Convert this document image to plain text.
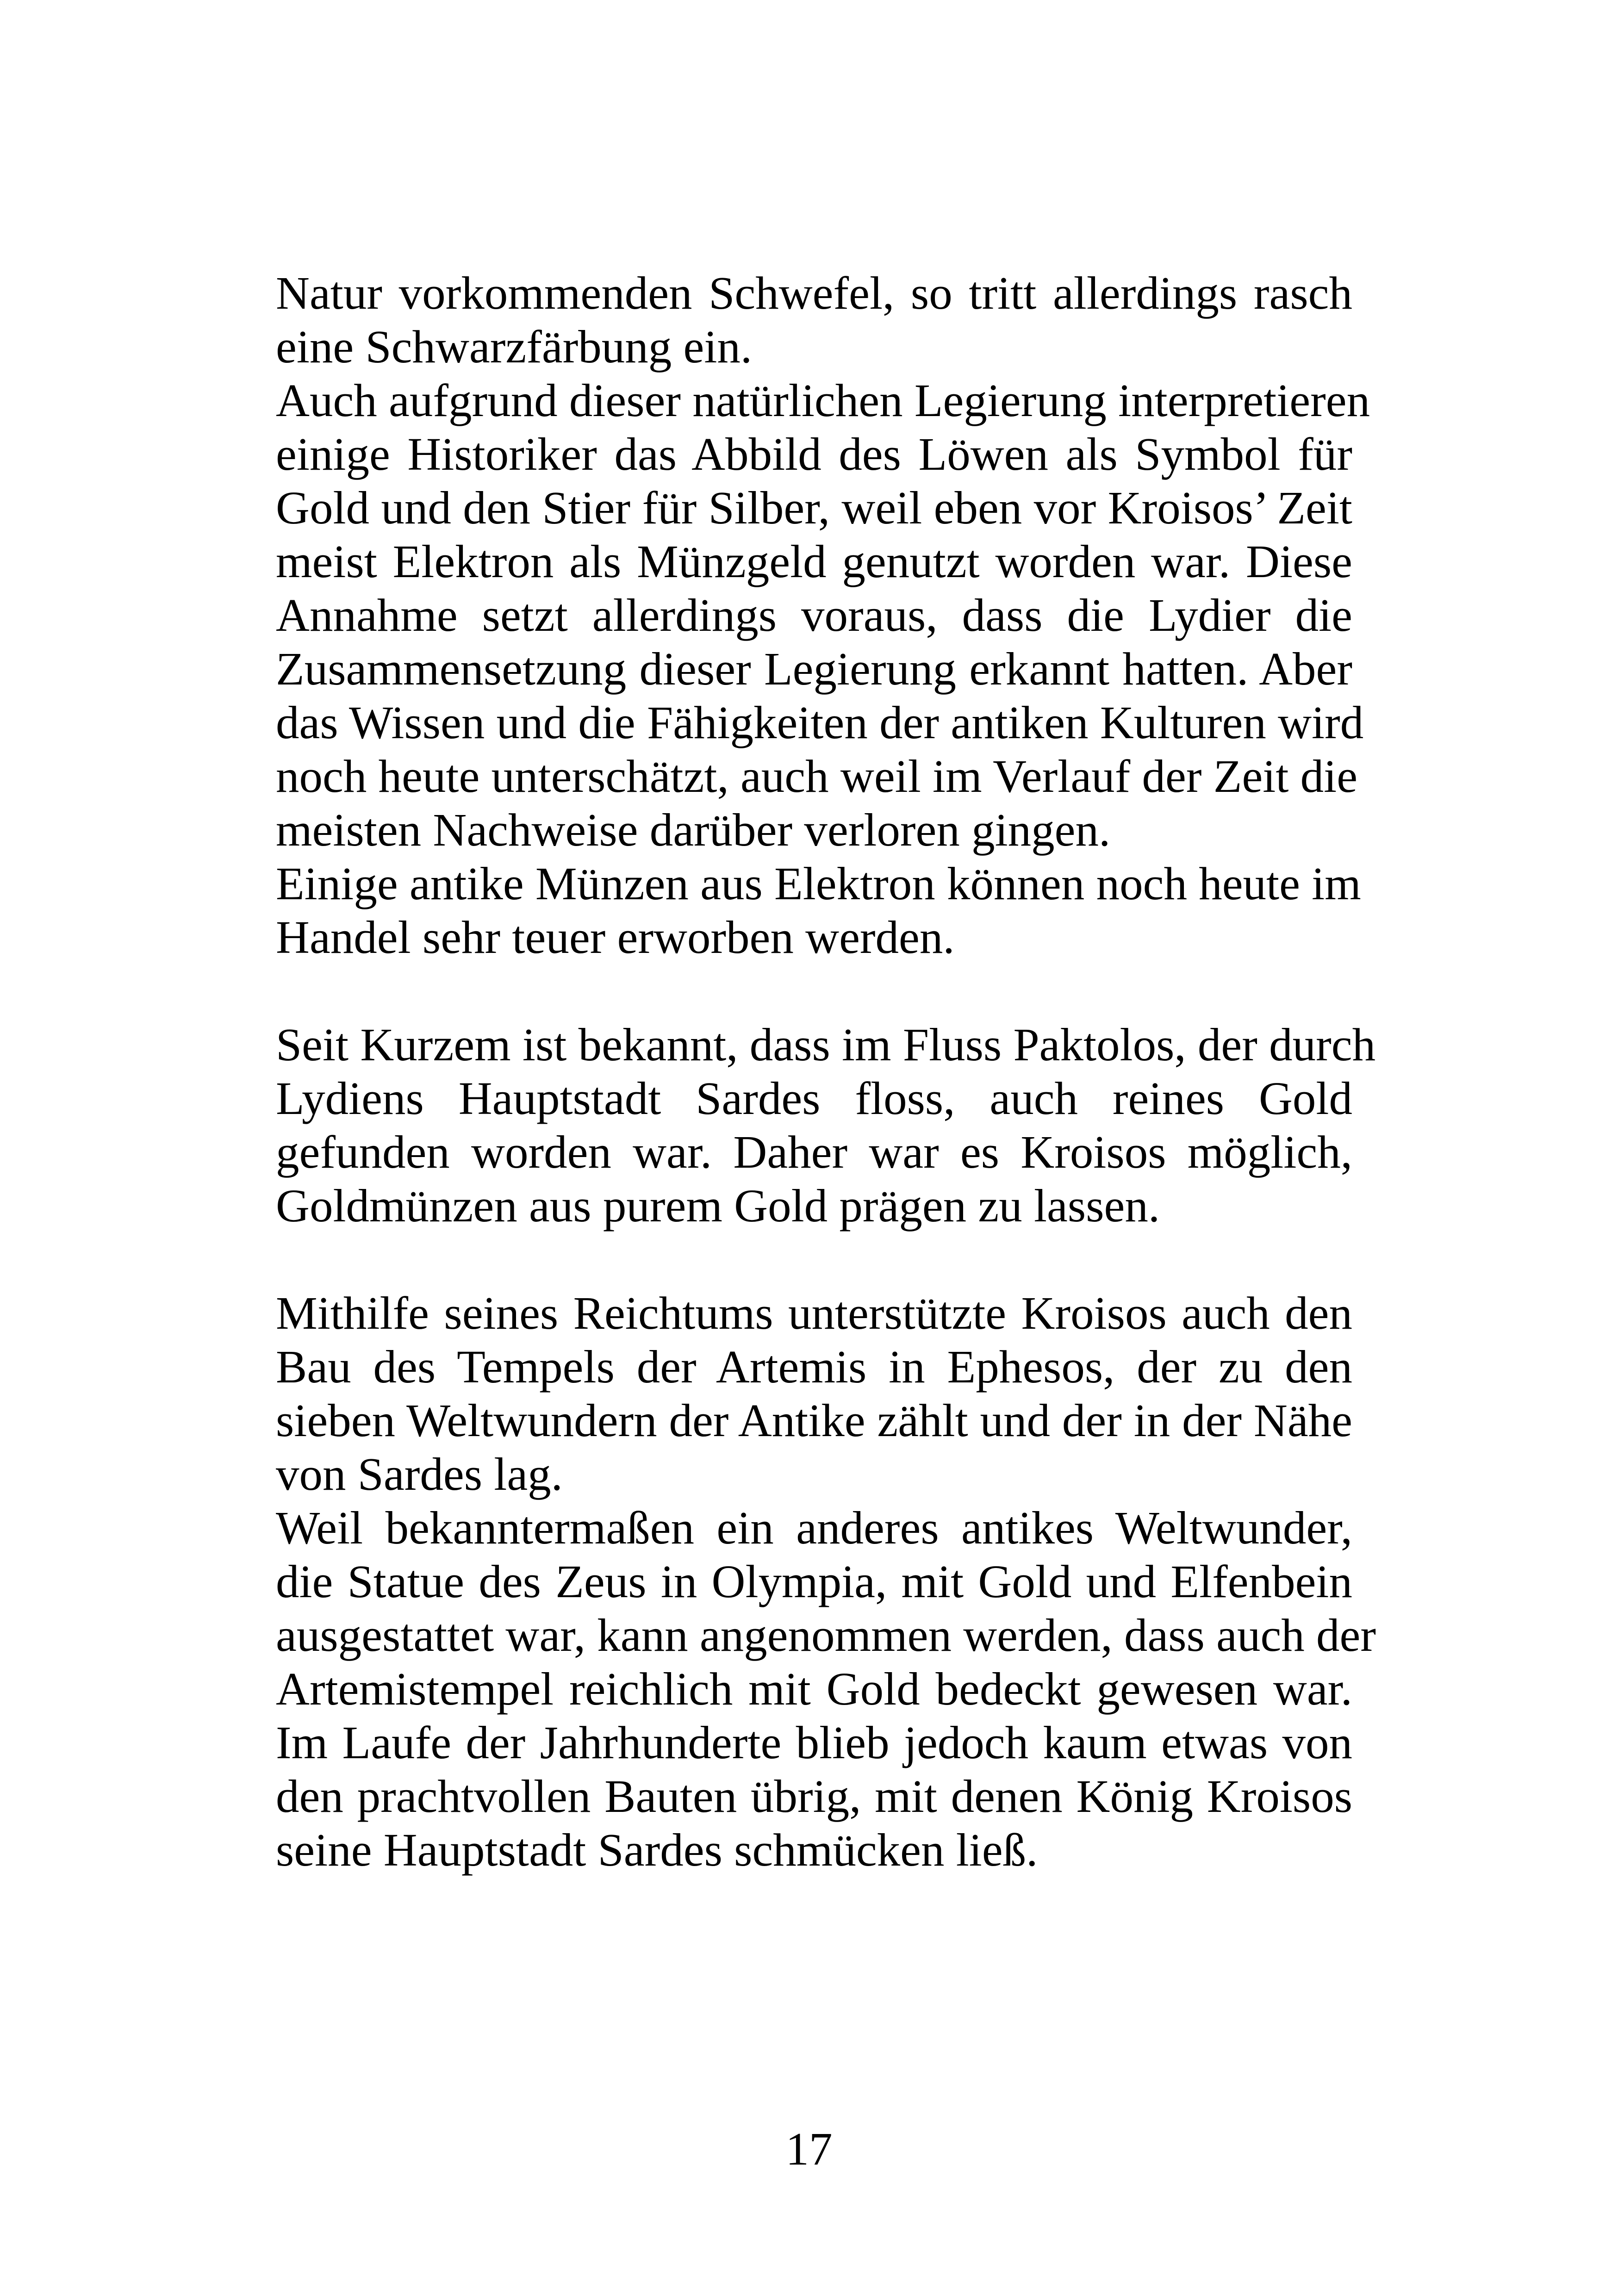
Natur vorkommenden Schwefel, so tritt allerdings rasch
eine Schwarzfärbung ein.
Auch aufgrund dieser natürlichen Legierung interpretieren
einige Historiker das Abbild des Löwen als Symbol für
Gold und den Stier für Silber, weil eben vor Kroisos’ Zeit
meist Elektron als Münzgeld genutzt worden war. Diese
Annahme setzt allerdings voraus, dass die Lydier die
Zusammensetzung dieser Legierung erkannt hatten. Aber
das Wissen und die Fähigkeiten der antiken Kulturen wird
noch heute unterschätzt, auch weil im Verlauf der Zeit die
meisten Nachweise darüber verloren gingen.
Einige antike Münzen aus Elektron können noch heute im
Handel sehr teuer erworben werden.
Seit Kurzem ist bekannt, dass im Fluss Paktolos, der durch
Lydiens Hauptstadt Sardes floss, auch reines Gold
gefunden worden war. Daher war es Kroisos möglich,
Goldmünzen aus purem Gold prägen zu lassen.
Mithilfe seines Reichtums unterstützte Kroisos auch den
Bau des Tempels der Artemis in Ephesos, der zu den
sieben Weltwundern der Antike zählt und der in der Nähe
von Sardes lag.
Weil bekanntermaßen ein anderes antikes Weltwunder,
die Statue des Zeus in Olympia, mit Gold und Elfenbein
ausgestattet war, kann angenommen werden, dass auch der
Artemistempel reichlich mit Gold bedeckt gewesen war.
Im Laufe der Jahrhunderte blieb jedoch kaum etwas von
den prachtvollen Bauten übrig, mit denen König Kroisos
seine Hauptstadt Sardes schmücken ließ.
17
